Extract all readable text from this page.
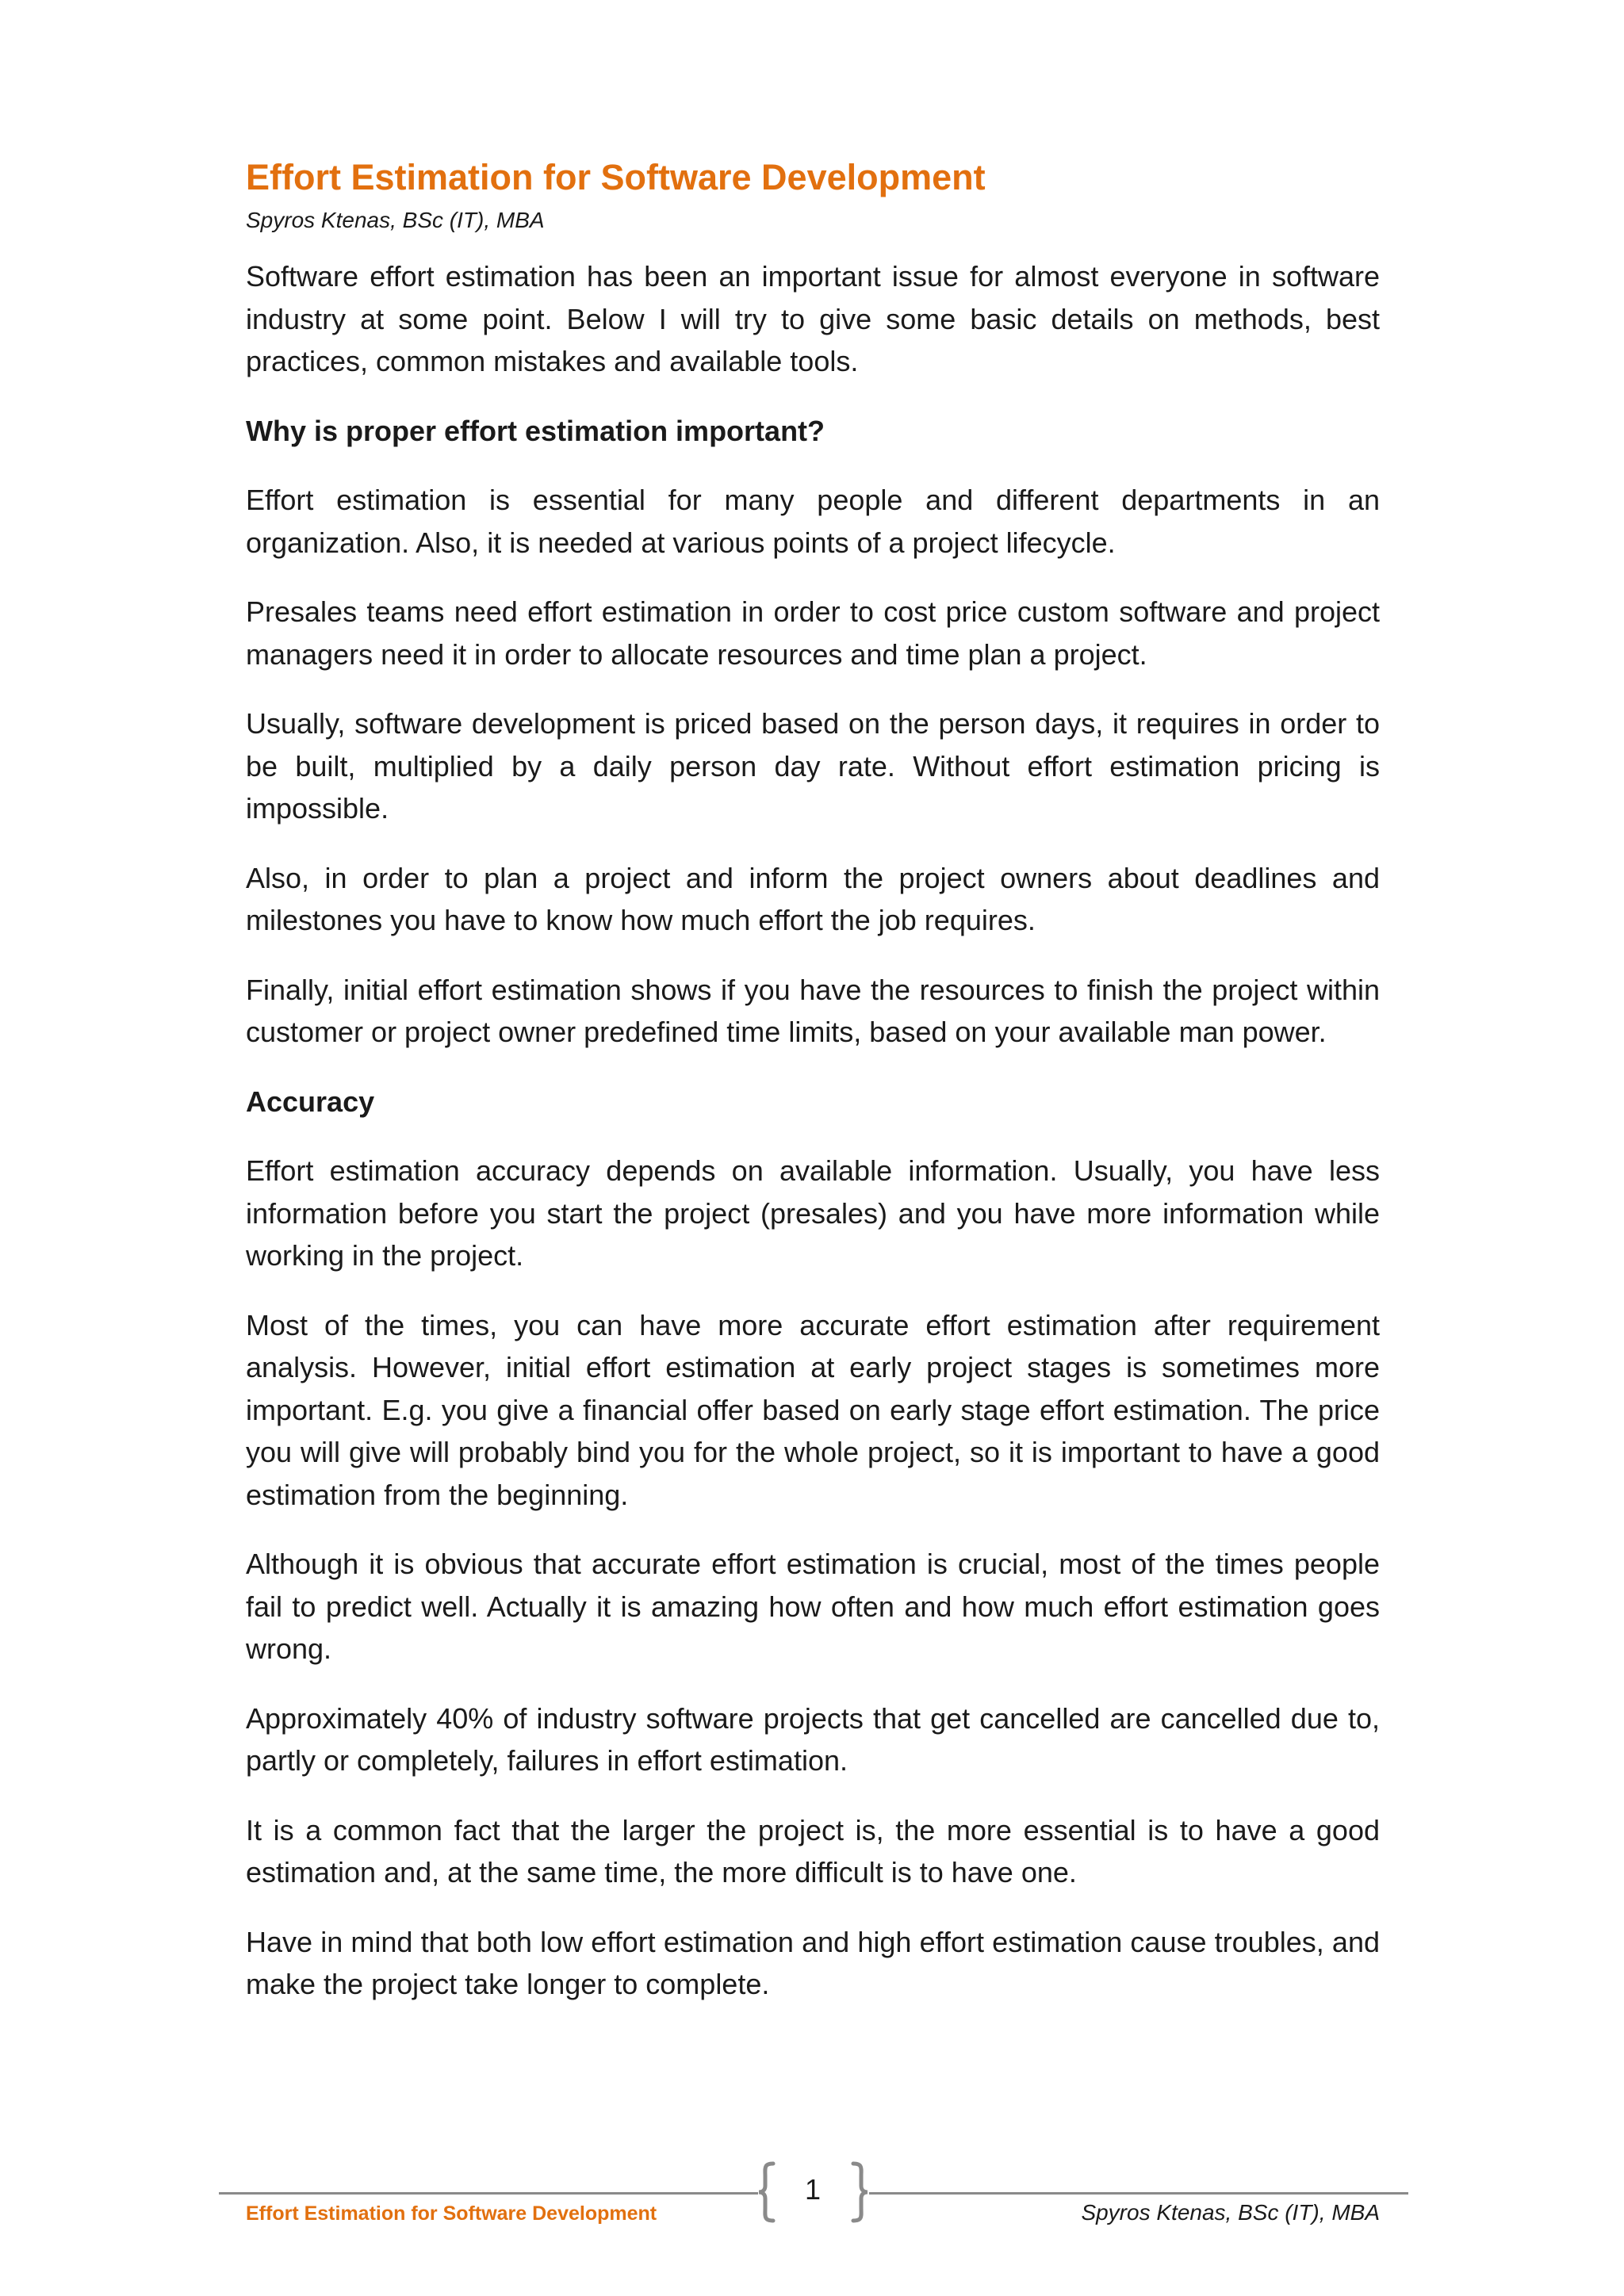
Effort Estimation for Software Development
Spyros Ktenas, BSc (IT), MBA

Software effort estimation has been an important issue for almost everyone in software industry at some point. Below I will try to give some basic details on methods, best practices, common mistakes and available tools.

Why is proper effort estimation important?

Effort estimation is essential for many people and different departments in an organization. Also, it is needed at various points of a project lifecycle.

Presales teams need effort estimation in order to cost price custom software and project managers need it in order to allocate resources and time plan a project.

Usually, software development is priced based on the person days, it requires in order to be built, multiplied by a daily person day rate. Without effort estimation pricing is impossible.

Also, in order to plan a project and inform the project owners about deadlines and milestones you have to know how much effort the job requires.

Finally, initial effort estimation shows if you have the resources to finish the project within customer or project owner predefined time limits, based on your available man power.

Accuracy

Effort estimation accuracy depends on available information. Usually, you have less information before you start the project (presales) and you have more information while working in the project.

Most of the times, you can have more accurate effort estimation after requirement analysis. However, initial effort estimation at early project stages is sometimes more important. E.g. you give a financial offer based on early stage effort estimation. The price you will give will probably bind you for the whole project, so it is important to have a good estimation from the beginning.

Although it is obvious that accurate effort estimation is crucial, most of the times people fail to predict well. Actually it is amazing how often and how much effort estimation goes wrong.

Approximately 40% of industry software projects that get cancelled are cancelled due to, partly or completely, failures in effort estimation.

It is a common fact that the larger the project is, the more essential is to have a good estimation and, at the same time, the more difficult is to have one.

Have in mind that both low effort estimation and high effort estimation cause troubles, and make the project take longer to complete.

1
Effort Estimation for Software Development	Spyros Ktenas, BSc (IT), MBA
